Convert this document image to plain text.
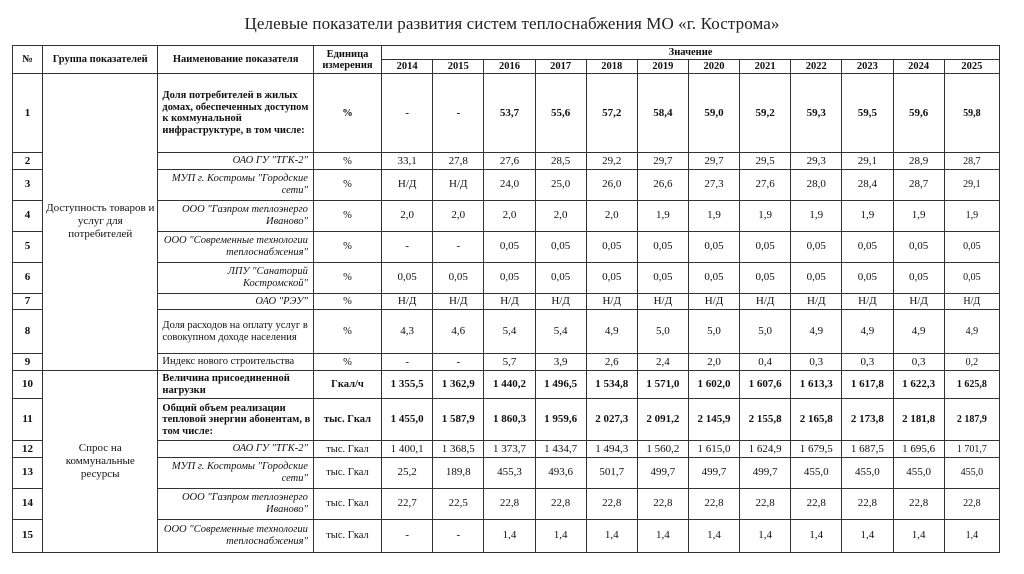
Целевые показатели развития систем теплоснабжения МО «г. Кострома»
№	Группа показателей	Наименование показателя	Единица измерения	Значение											
				2014	2015	2016	2017	2018	2019	2020	2021	2022	2023	2024	2025
1	Доступность товаров и услуг для потребителей	Доля потребителей в жилых домах, обеспеченных доступом к коммунальной инфраструктуре, в том числе:	%	-	-	53,7	55,6	57,2	58,4	59,0	59,2	59,3	59,5	59,6	59,8
2		ОАО ГУ "ТГК-2"	%	33,1	27,8	27,6	28,5	29,2	29,7	29,7	29,5	29,3	29,1	28,9	28,7
3		МУП г. Костромы "Городские сети"	%	Н/Д	Н/Д	24,0	25,0	26,0	26,6	27,3	27,6	28,0	28,4	28,7	29,1
4		ООО "Газпром теплоэнерго Иваново"	%	2,0	2,0	2,0	2,0	2,0	1,9	1,9	1,9	1,9	1,9	1,9	1,9
5		ООО "Современные технологии теплоснабжения"	%	-	-	0,05	0,05	0,05	0,05	0,05	0,05	0,05	0,05	0,05	0,05
6		ЛПУ "Санаторий Костромской"	%	0,05	0,05	0,05	0,05	0,05	0,05	0,05	0,05	0,05	0,05	0,05	0,05
7		ОАО "РЭУ"	%	Н/Д	Н/Д	Н/Д	Н/Д	Н/Д	Н/Д	Н/Д	Н/Д	Н/Д	Н/Д	Н/Д	Н/Д
8		Доля расходов на оплату услуг в совокупном доходе населения	%	4,3	4,6	5,4	5,4	4,9	5,0	5,0	5,0	4,9	4,9	4,9	4,9
9		Индекс нового строительства	%	-	-	5,7	3,9	2,6	2,4	2,0	0,4	0,3	0,3	0,3	0,2
10	Спрос на коммунальные ресурсы	Величина присоединенной нагрузки	Гкал/ч	1 355,5	1 362,9	1 440,2	1 496,5	1 534,8	1 571,0	1 602,0	1 607,6	1 613,3	1 617,8	1 622,3	1 625,8
11		Общий объем реализации тепловой энергии абонентам, в том числе:	тыс. Гкал	1 455,0	1 587,9	1 860,3	1 959,6	2 027,3	2 091,2	2 145,9	2 155,8	2 165,8	2 173,8	2 181,8	2 187,9
12		ОАО ГУ "ТГК-2"	тыс. Гкал	1 400,1	1 368,5	1 373,7	1 434,7	1 494,3	1 560,2	1 615,0	1 624,9	1 679,5	1 687,5	1 695,6	1 701,7
13		МУП г. Костромы "Городские сети"	тыс. Гкал	25,2	189,8	455,3	493,6	501,7	499,7	499,7	499,7	455,0	455,0	455,0	455,0
14		ООО "Газпром теплоэнерго Иваново"	тыс. Гкал	22,7	22,5	22,8	22,8	22,8	22,8	22,8	22,8	22,8	22,8	22,8	22,8
15		ООО "Современные технологии теплоснабжения"	тыс. Гкал	-	-	1,4	1,4	1,4	1,4	1,4	1,4	1,4	1,4	1,4	1,4
